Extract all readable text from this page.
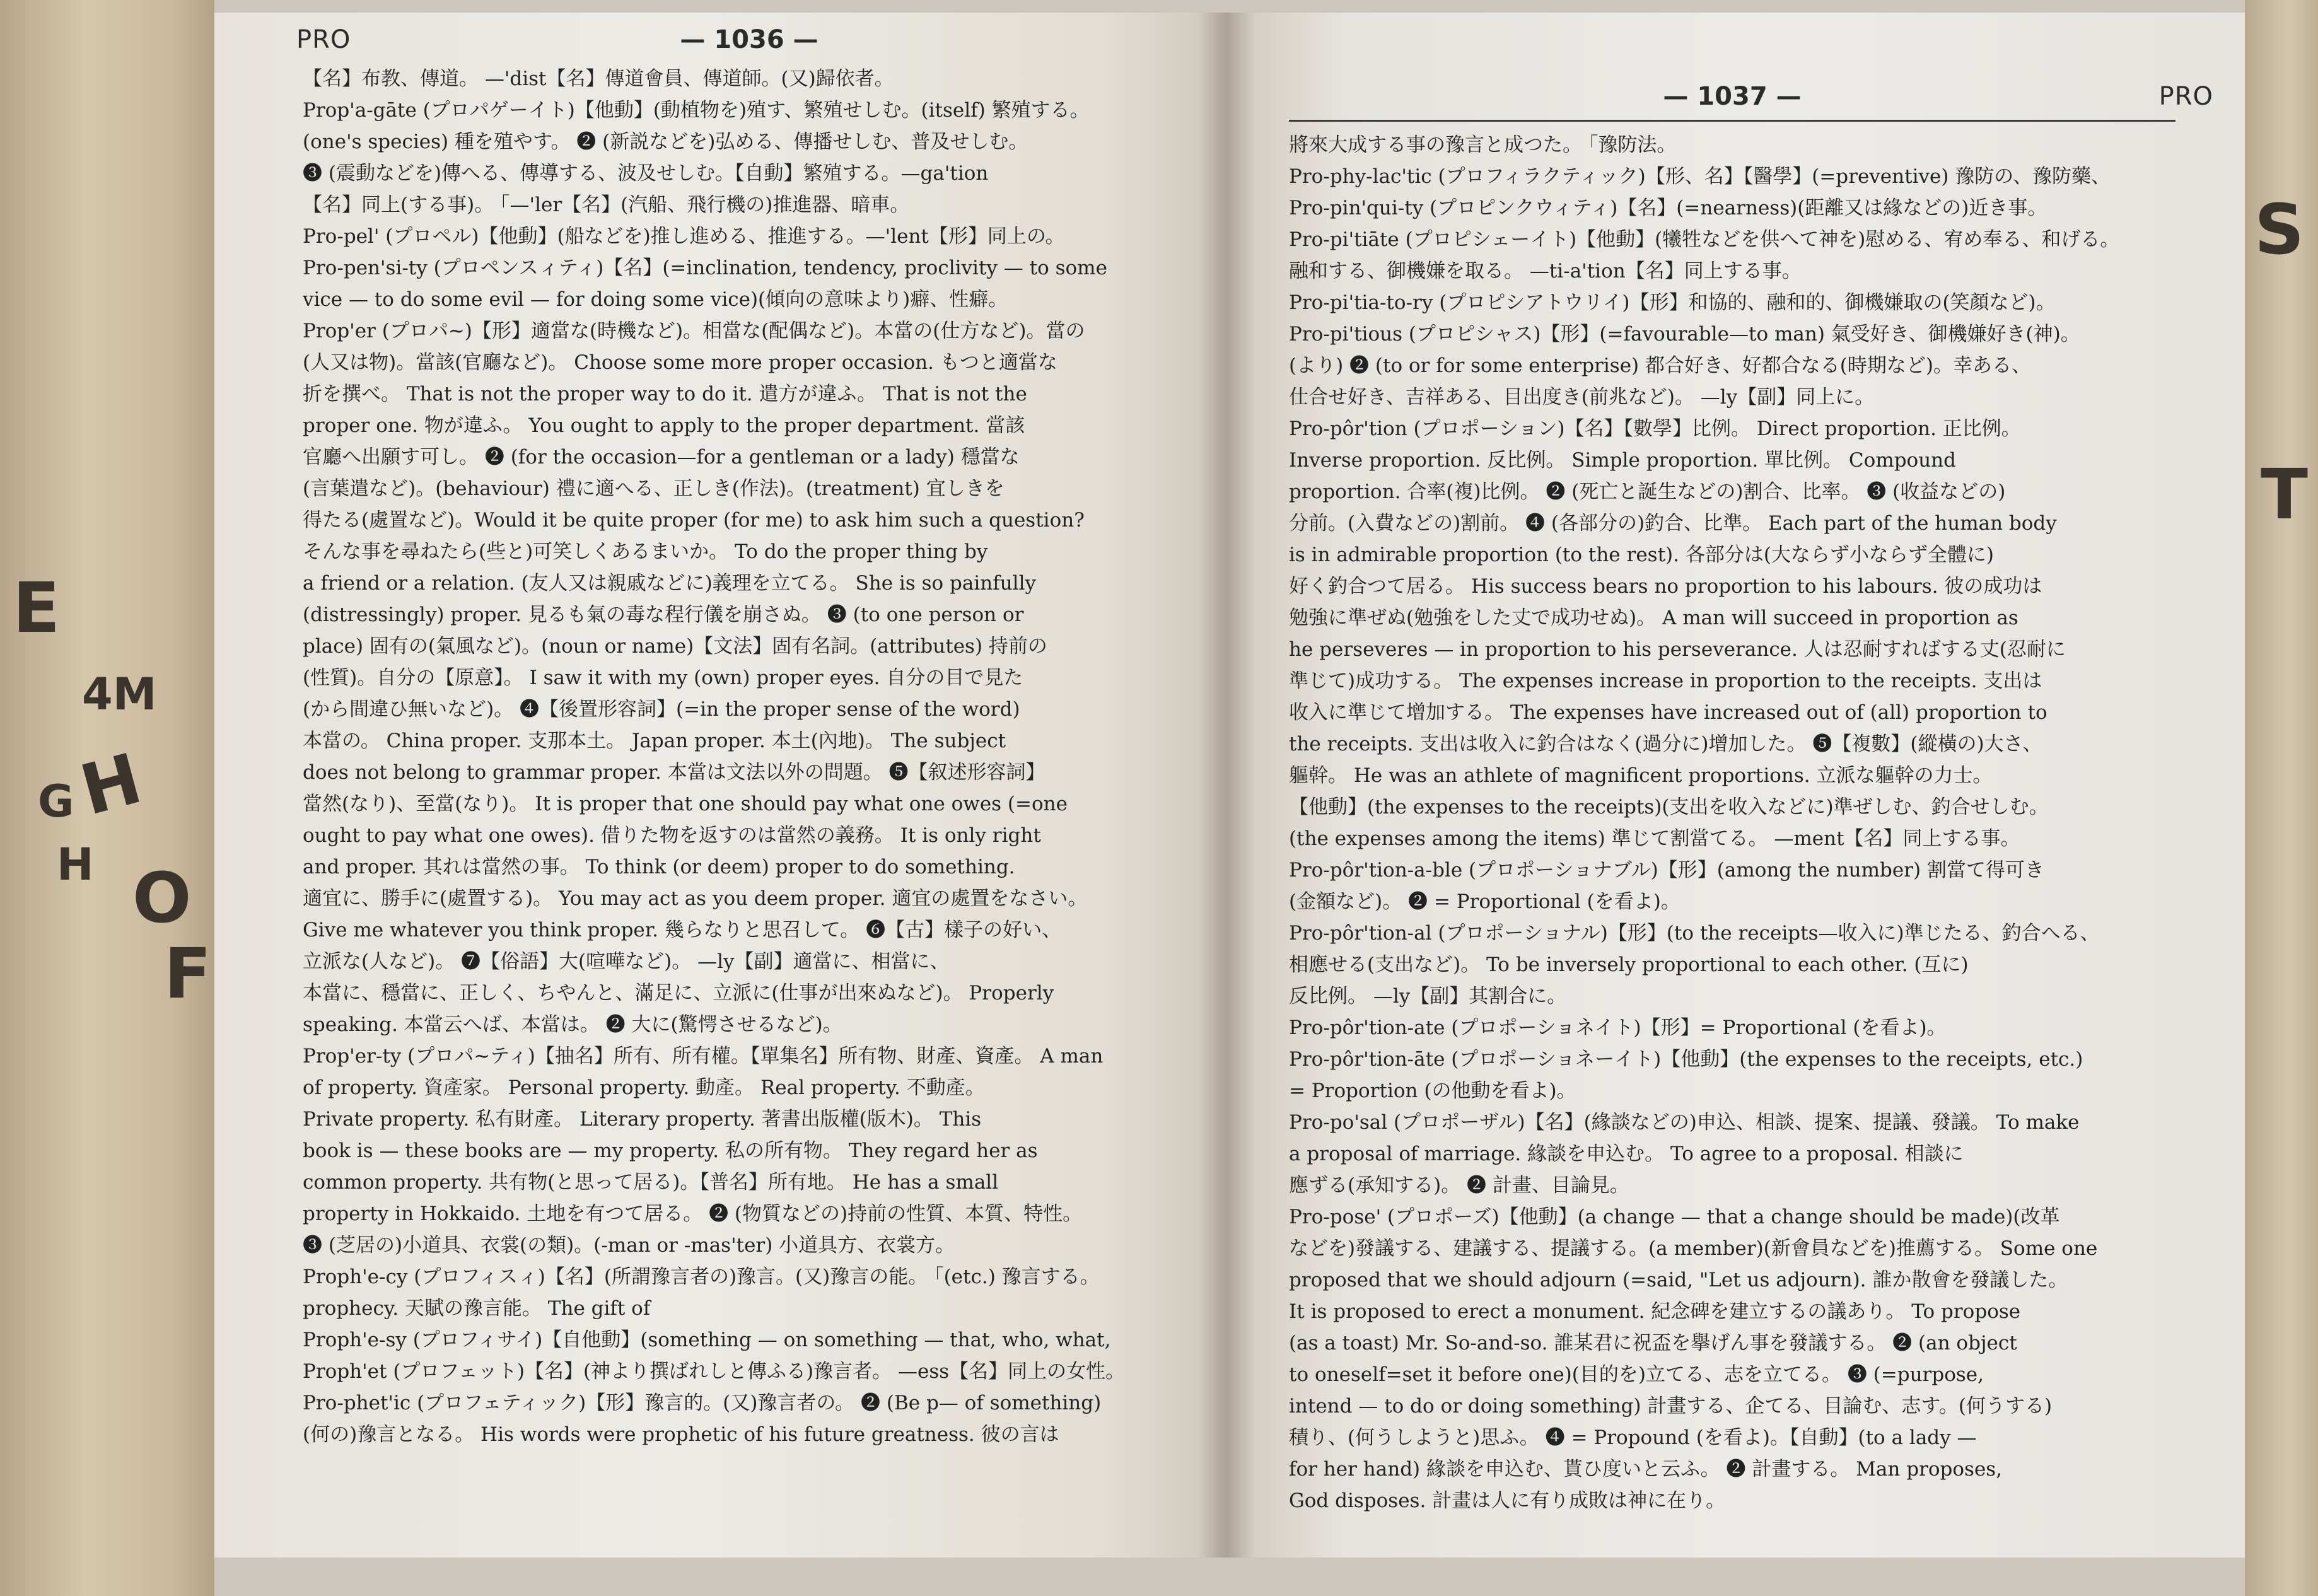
E
H
O
F
G
H
4M
S
T
PRO	— 1036 —
【名】布教、傳道。 —'dist【名】傳道會員、傳道師。(又)歸依者。
Prop'a-gāte (プロパゲーイト)【他動】(動植物を)殖す、繁殖せしむ。(itself) 繁殖する。
(one's species) 種を殖やす。 ❷ (新説などを)弘める、傳播せしむ、普及せしむ。
❸ (震動などを)傳へる、傳導する、波及せしむ。【自動】繁殖する。—ga'tion
【名】同上(する事)。 ｢—'ler【名】(汽船、飛行機の)推進器、暗車。
Pro-pel' (プロペル)【他動】(船などを)推し進める、推進する。—'lent【形】同上の。
Pro-pen'si-ty (プロペンスィティ)【名】(=inclination, tendency, proclivity — to some
vice — to do some evil — for doing some vice)(傾向の意味より)癖、性癖。
Prop'er (プロパ~)【形】適當な(時機など)。相當な(配偶など)。本當の(仕方など)。當の
(人又は物)。當該(官廳など)。 Choose some more proper occasion. もつと適當な
折を撰べ。 That is not the proper way to do it. 遣方が違ふ。 That is not the
proper one. 物が違ふ。 You ought to apply to the proper department. 當該
官廳へ出願す可し。 ❷ (for the occasion—for a gentleman or a lady) 穩當な
(言葉遣など)。(behaviour) 禮に適へる、正しき(作法)。(treatment) 宜しきを
得たる(處置など)。Would it be quite proper (for me) to ask him such a question?
そんな事を尋ねたら(些と)可笑しくあるまいか。 To do the proper thing by
a friend or a relation. (友人又は親戚などに)義理を立てる。 She is so painfully
(distressingly) proper. 見るも氣の毒な程行儀を崩さぬ。 ❸ (to one person or
place) 固有の(氣風など)。(noun or name)【文法】固有名詞。(attributes) 持前の
(性質)。自分の【原意】。 I saw it with my (own) proper eyes. 自分の目で見た
(から間違ひ無いなど)。 ❹【後置形容詞】(=in the proper sense of the word)
本當の。 China proper. 支那本土。 Japan proper. 本土(內地)。 The subject
does not belong to grammar proper. 本當は文法以外の問題。 ❺【叙述形容詞】
當然(なり)、至當(なり)。 It is proper that one should pay what one owes (=one
ought to pay what one owes). 借りた物を返すのは當然の義務。 It is only right
and proper. 其れは當然の事。 To think (or deem) proper to do something.
適宜に、勝手に(處置する)。 You may act as you deem proper. 適宜の處置をなさい。
Give me whatever you think proper. 幾らなりと思召して。 ❻【古】樣子の好い、
立派な(人など)。 ❼【俗語】大(喧嘩など)。 —ly【副】適當に、相當に、
本當に、穩當に、正しく、ちやんと、滿足に、立派に(仕事が出來ぬなど)。 Properly
speaking. 本當云へば、本當は。 ❷ 大に(驚愕させるなど)。
Prop'er-ty (プロパ~ティ)【抽名】所有、所有權。【單集名】所有物、財產、資產。 A man
of property. 資產家。 Personal property. 動產。 Real property. 不動產。
Private property. 私有財產。 Literary property. 著書出版權(版木)。 This
book is — these books are — my property. 私の所有物。 They regard her as
common property. 共有物(と思って居る)。【普名】所有地。 He has a small
property in Hokkaido. 土地を有つて居る。 ❷ (物質などの)持前の性質、本質、特性。
❸ (芝居の)小道具、衣裳(の類)。(-man or -mas'ter) 小道具方、衣裳方。
Proph'e-cy (プロフィスィ)【名】(所謂豫言者の)豫言。(又)豫言の能。 ｢(etc.) 豫言する。
prophecy. 天賦の豫言能。 The gift of
Proph'e-sy (プロフィサイ)【自他動】(something — on something — that, who, what,
Proph'et (プロフェット)【名】(神より撰ばれしと傳ふる)豫言者。 —ess【名】同上の女性。
Pro-phet'ic (プロフェティック)【形】豫言的。(又)豫言者の。 ❷ (Be p— of something)
(何の)豫言となる。 His words were prophetic of his future greatness. 彼の言は
— 1037 —	PRO
將來大成する事の豫言と成つた。 ｢豫防法。
Pro-phy-lac'tic (プロフィラクティック)【形、名】【醫學】(=preventive) 豫防の、豫防藥、
Pro-pin'qui-ty (プロピンクウィティ)【名】(=nearness)(距離又は緣などの)近き事。
Pro-pi'tiāte (プロピシェーイト)【他動】(犧牲などを供へて神を)慰める、宥め奉る、和げる。
融和する、御機嫌を取る。 —ti-a'tion【名】同上する事。
Pro-pi'tia-to-ry (プロピシアトウリイ)【形】和協的、融和的、御機嫌取の(笑顏など)。
Pro-pi'tious (プロピシャス)【形】(=favourable—to man) 氣受好き、御機嫌好き(神)。
(より) ❷ (to or for some enterprise) 都合好き、好都合なる(時期など)。幸ある、
仕合せ好き、吉祥ある、目出度き(前兆など)。 —ly【副】同上に。
Pro-pôr'tion (プロポーション)【名】【數學】比例。 Direct proportion. 正比例。
Inverse proportion. 反比例。 Simple proportion. 單比例。 Compound
proportion. 合率(複)比例。 ❷ (死亡と誕生などの)割合、比率。 ❸ (收益などの)
分前。(入費などの)割前。 ❹ (各部分の)釣合、比準。 Each part of the human body
is in admirable proportion (to the rest). 各部分は(大ならず小ならず全體に)
好く釣合つて居る。 His success bears no proportion to his labours. 彼の成功は
勉強に準ぜぬ(勉強をした丈で成功せぬ)。 A man will succeed in proportion as
he perseveres — in proportion to his perseverance. 人は忍耐すればする丈(忍耐に
準じて)成功する。 The expenses increase in proportion to the receipts. 支出は
收入に準じて增加する。 The expenses have increased out of (all) proportion to
the receipts. 支出は收入に釣合はなく(過分に)增加した。 ❺【複數】(縱橫の)大さ、
軀幹。 He was an athlete of magnificent proportions. 立派な軀幹の力士。
【他動】(the expenses to the receipts)(支出を收入などに)準ぜしむ、釣合せしむ。
(the expenses among the items) 準じて割當てる。 —ment【名】同上する事。
Pro-pôr'tion-a-ble (プロポーショナブル)【形】(among the number) 割當て得可き
(金額など)。 ❷ = Proportional (を看よ)。
Pro-pôr'tion-al (プロポーショナル)【形】(to the receipts—收入に)準じたる、釣合へる、
相應せる(支出など)。 To be inversely proportional to each other. (互に)
反比例。 —ly【副】其割合に。
Pro-pôr'tion-ate (プロポーショネイト)【形】= Proportional (を看よ)。
Pro-pôr'tion-āte (プロポーショネーイト)【他動】(the expenses to the receipts, etc.)
= Proportion (の他動を看よ)。
Pro-po'sal (プロポーザル)【名】(緣談などの)申込、相談、提案、提議、發議。 To make
a proposal of marriage. 緣談を申込む。 To agree to a proposal. 相談に
應ずる(承知する)。 ❷ 計畫、目論見。
Pro-pose' (プロポーズ)【他動】(a change — that a change should be made)(改革
などを)發議する、建議する、提議する。(a member)(新會員などを)推薦する。 Some one
proposed that we should adjourn (=said, "Let us adjourn). 誰か散會を發議した。
It is proposed to erect a monument. 紀念碑を建立するの議あり。 To propose
(as a toast) Mr. So-and-so. 誰某君に祝盃を擧げん事を發議する。 ❷ (an object
to oneself=set it before one)(目的を)立てる、志を立てる。 ❸ (=purpose,
intend — to do or doing something) 計畫する、企てる、目論む、志す。(何うする)
積り、(何うしようと)思ふ。 ❹ = Propound (を看よ)。【自動】(to a lady —
for her hand) 緣談を申込む、貰ひ度いと云ふ。 ❷ 計畫する。 Man proposes,
God disposes. 計畫は人に有り成敗は神に在り。
